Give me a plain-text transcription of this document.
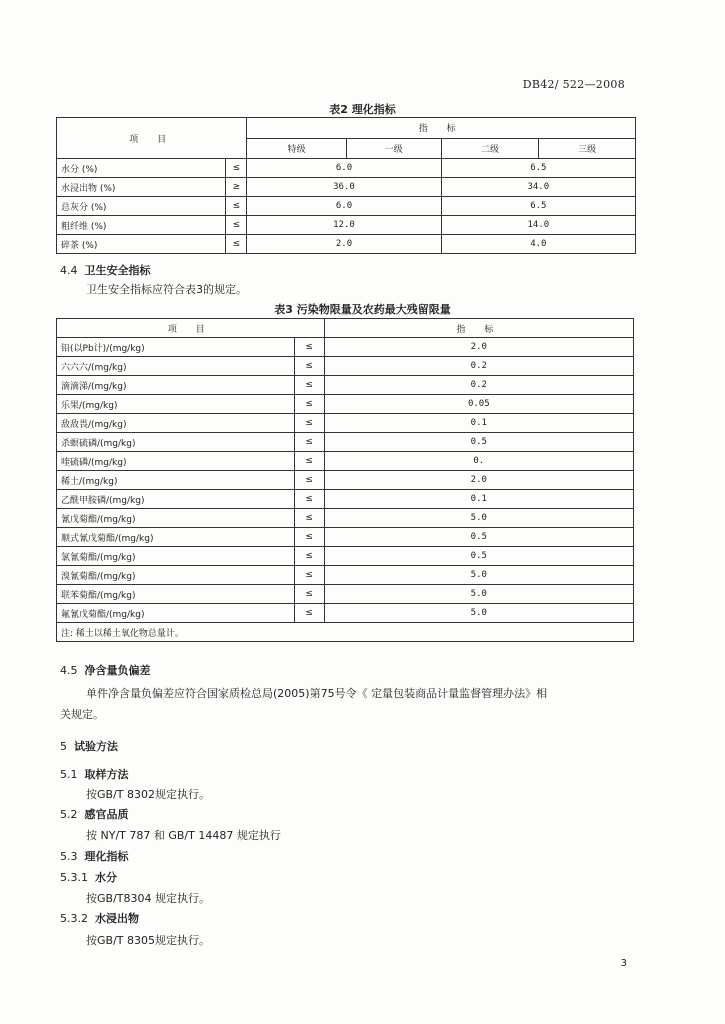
DB42/ 522—2008
表2 理化指标
项 目		指 标			
		特级	一级	二级	三级
水分 (%)	≤	6.0		6.5	
水浸出物 (%)	≥	36.0		34.0	
总灰分 (%)	≤	6.0		6.5	
粗纤维 (%)	≤	12.0		14.0	
碎茶 (%)	≤	2.0		4.0	
4.4 卫生安全指标
卫生安全指标应符合表3的规定。
表3 污染物限量及农药最大残留限量
项 目		指 标
铅(以Pb计)/(mg/kg)	≤	2.0
六六六/(mg/kg)	≤	0.2
滴滴涕/(mg/kg)	≤	0.2
乐果/(mg/kg)	≤	0.05
敌敌畏/(mg/kg)	≤	0.1
杀螟硫磷/(mg/kg)	≤	0.5
喹硫磷/(mg/kg)	≤	0.
稀土/(mg/kg)	≤	2.0
乙酰甲胺磷/(mg/kg)	≤	0.1
氰戊菊酯/(mg/kg)	≤	5.0
顺式氰戊菊酯/(mg/kg)	≤	0.5
氯氰菊酯/(mg/kg)	≤	0.5
溴氰菊酯/(mg/kg)	≤	5.0
联苯菊酯/(mg/kg)	≤	5.0
氟氰戊菊酯/(mg/kg)	≤	5.0
注: 稀土以稀土氧化物总量计。		
4.5 净含量负偏差
单件净含量负偏差应符合国家质检总局(2005)第75号令《 定量包装商品计量监督管理办法》相
关规定。
5 试验方法
5.1 取样方法
按GB/T 8302规定执行。
5.2 感官品质
按 NY/T 787 和 GB/T 14487 规定执行
5.3 理化指标
5.3.1 水分
按GB/T8304 规定执行。
5.3.2 水浸出物
按GB/T 8305规定执行。
3
